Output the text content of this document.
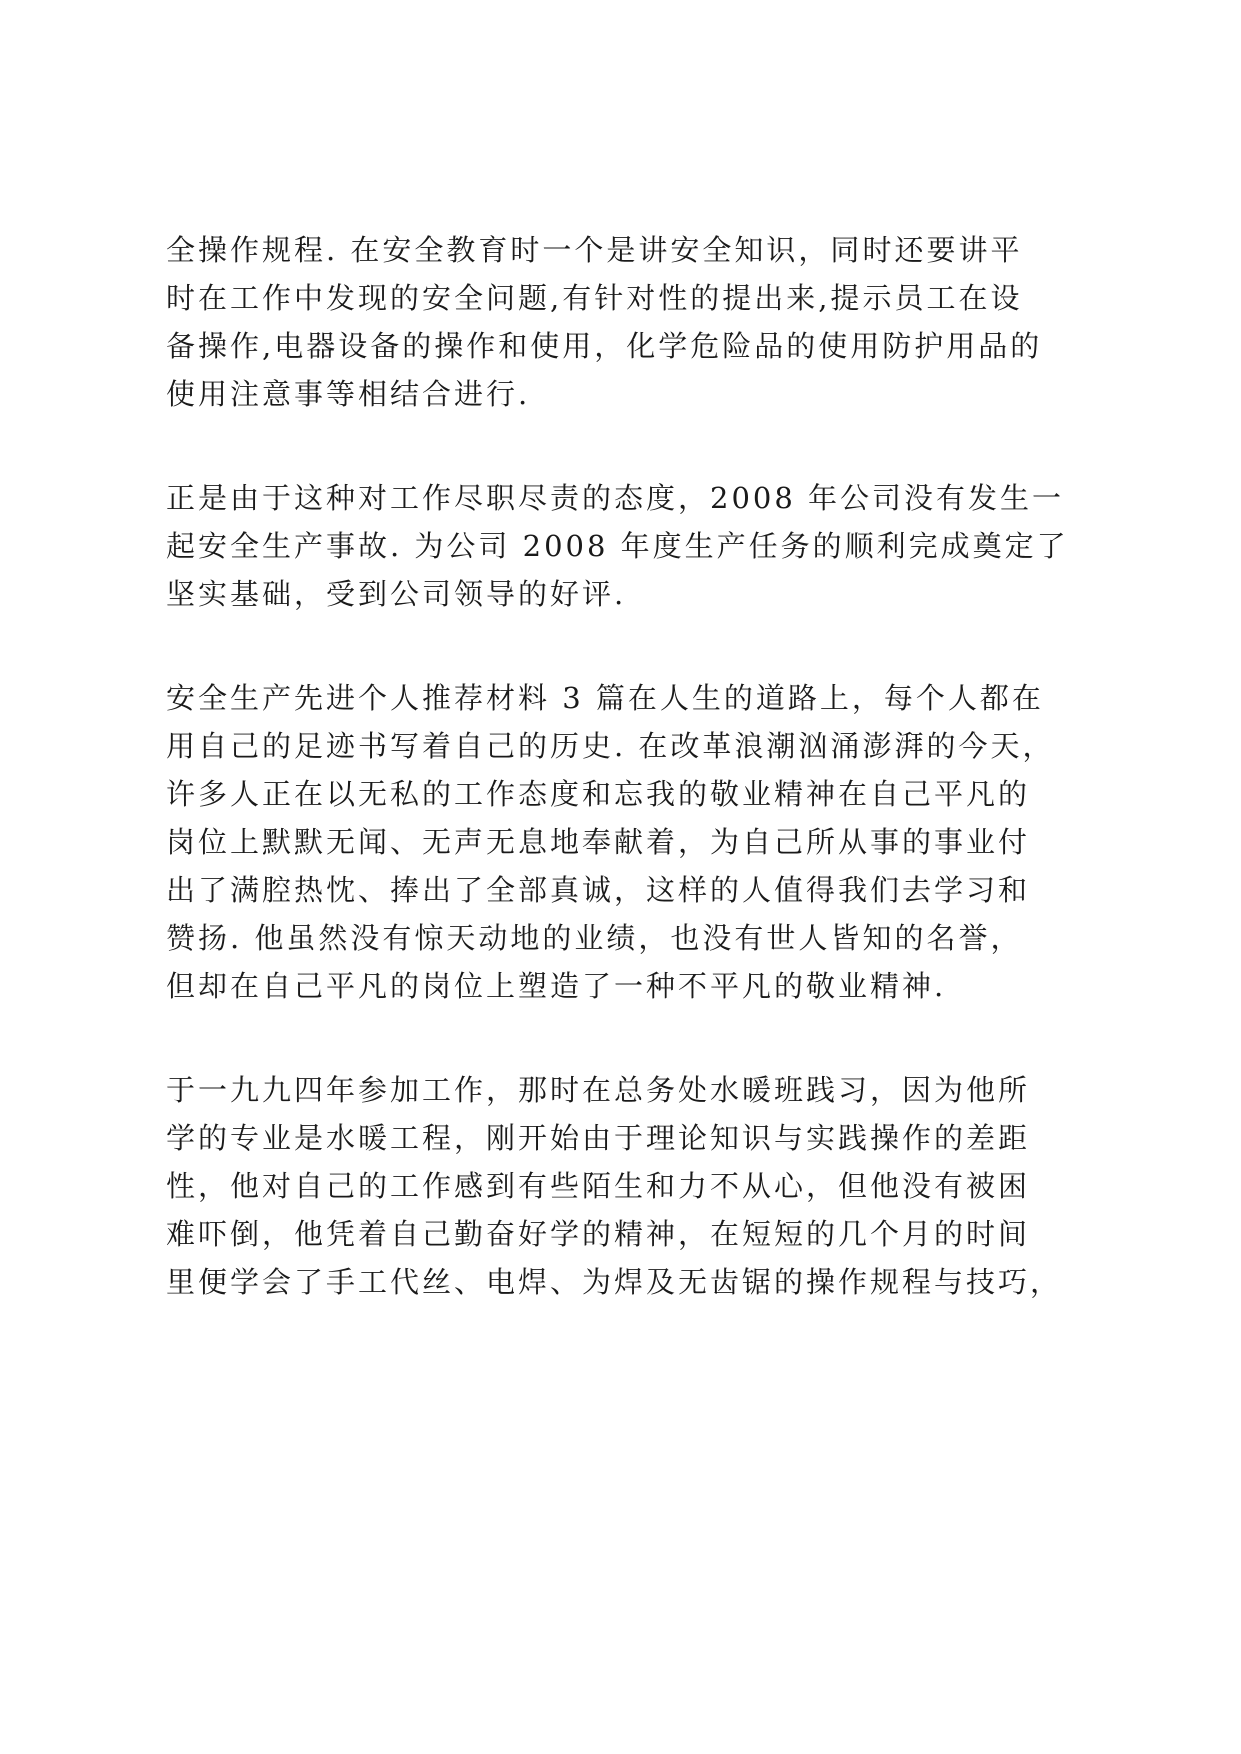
全操作规程. 在安全教育时一个是讲安全知识，同时还要讲平
时在工作中发现的安全问题,有针对性的提出来,提示员工在设
备操作,电器设备的操作和使用，化学危险品的使用防护用品的
使用注意事等相结合进行.
正是由于这种对工作尽职尽责的态度，2008 年公司没有发生一
起安全生产事故. 为公司 2008 年度生产任务的顺利完成奠定了
坚实基础，受到公司领导的好评.
安全生产先进个人推荐材料 3 篇在人生的道路上，每个人都在
用自己的足迹书写着自己的历史. 在改革浪潮汹涌澎湃的今天，
许多人正在以无私的工作态度和忘我的敬业精神在自己平凡的
岗位上默默无闻、无声无息地奉献着，为自己所从事的事业付
出了满腔热忱、捧出了全部真诚，这样的人值得我们去学习和
赞扬. 他虽然没有惊天动地的业绩，也没有世人皆知的名誉，
但却在自己平凡的岗位上塑造了一种不平凡的敬业精神.
于一九九四年参加工作，那时在总务处水暖班践习，因为他所
学的专业是水暖工程，刚开始由于理论知识与实践操作的差距
性，他对自己的工作感到有些陌生和力不从心，但他没有被困
难吓倒，他凭着自己勤奋好学的精神，在短短的几个月的时间
里便学会了手工代丝、电焊、为焊及无齿锯的操作规程与技巧，
